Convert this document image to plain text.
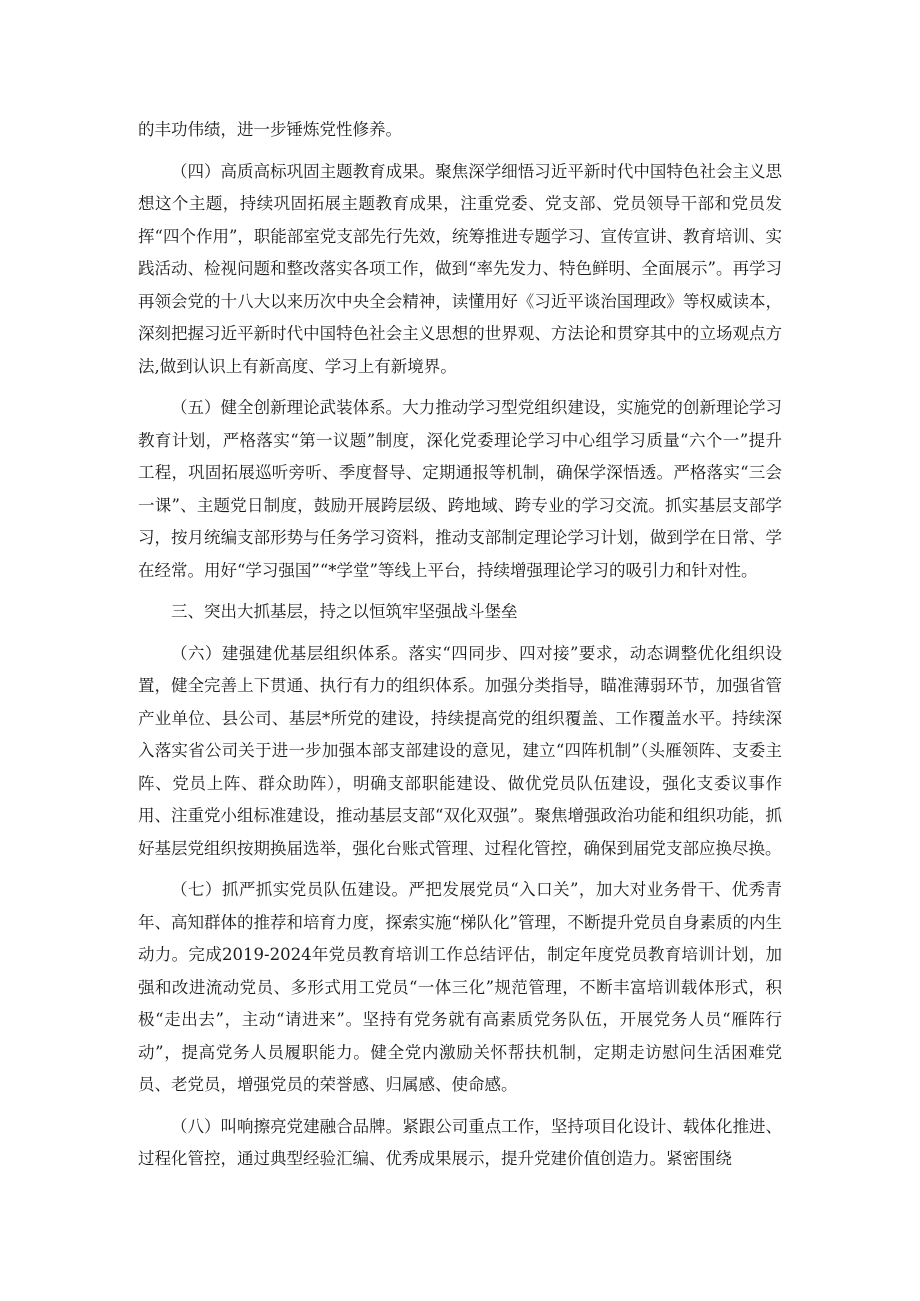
的丰功伟绩，进一步锤炼党性修养。

（四）高质高标巩固主题教育成果。聚焦深学细悟习近平新时代中国特色社会主义思想这个主题，持续巩固拓展主题教育成果，注重党委、党支部、党员领导干部和党员发挥“四个作用”，职能部室党支部先行先效，统筹推进专题学习、宣传宣讲、教育培训、实践活动、检视问题和整改落实各项工作，做到“率先发力、特色鲜明、全面展示”。再学习再领会党的十八大以来历次中央全会精神，读懂用好《习近平谈治国理政》等权威读本，深刻把握习近平新时代中国特色社会主义思想的世界观、方法论和贯穿其中的立场观点方法,做到认识上有新高度、学习上有新境界。

（五）健全创新理论武装体系。大力推动学习型党组织建设，实施党的创新理论学习教育计划，严格落实“第一议题”制度，深化党委理论学习中心组学习质量“六个一”提升工程，巩固拓展巡听旁听、季度督导、定期通报等机制，确保学深悟透。严格落实“三会一课”、主题党日制度，鼓励开展跨层级、跨地域、跨专业的学习交流。抓实基层支部学习，按月统编支部形势与任务学习资料，推动支部制定理论学习计划，做到学在日常、学在经常。用好“学习强国”“*学堂”等线上平台，持续增强理论学习的吸引力和针对性。

三、突出大抓基层，持之以恒筑牢坚强战斗堡垒

（六）建强建优基层组织体系。落实“四同步、四对接”要求，动态调整优化组织设置，健全完善上下贯通、执行有力的组织体系。加强分类指导，瞄准薄弱环节，加强省管产业单位、县公司、基层*所党的建设，持续提高党的组织覆盖、工作覆盖水平。持续深入落实省公司关于进一步加强本部支部建设的意见，建立“四阵机制”（头雁领阵、支委主阵、党员上阵、群众助阵），明确支部职能建设、做优党员队伍建设，强化支委议事作用、注重党小组标准建设，推动基层支部“双化双强”。聚焦增强政治功能和组织功能，抓好基层党组织按期换届选举，强化台账式管理、过程化管控，确保到届党支部应换尽换。

（七）抓严抓实党员队伍建设。严把发展党员“入口关”，加大对业务骨干、优秀青年、高知群体的推荐和培育力度，探索实施“梯队化”管理，不断提升党员自身素质的内生动力。完成2019-2024年党员教育培训工作总结评估，制定年度党员教育培训计划，加强和改进流动党员、多形式用工党员“一体三化”规范管理，不断丰富培训载体形式，积极“走出去”，主动“请进来”。坚持有党务就有高素质党务队伍，开展党务人员“雁阵行动”，提高党务人员履职能力。健全党内激励关怀帮扶机制，定期走访慰问生活困难党员、老党员，增强党员的荣誉感、归属感、使命感。

（八）叫响擦亮党建融合品牌。紧跟公司重点工作，坚持项目化设计、载体化推进、过程化管控，通过典型经验汇编、优秀成果展示，提升党建价值创造力。紧密围绕
